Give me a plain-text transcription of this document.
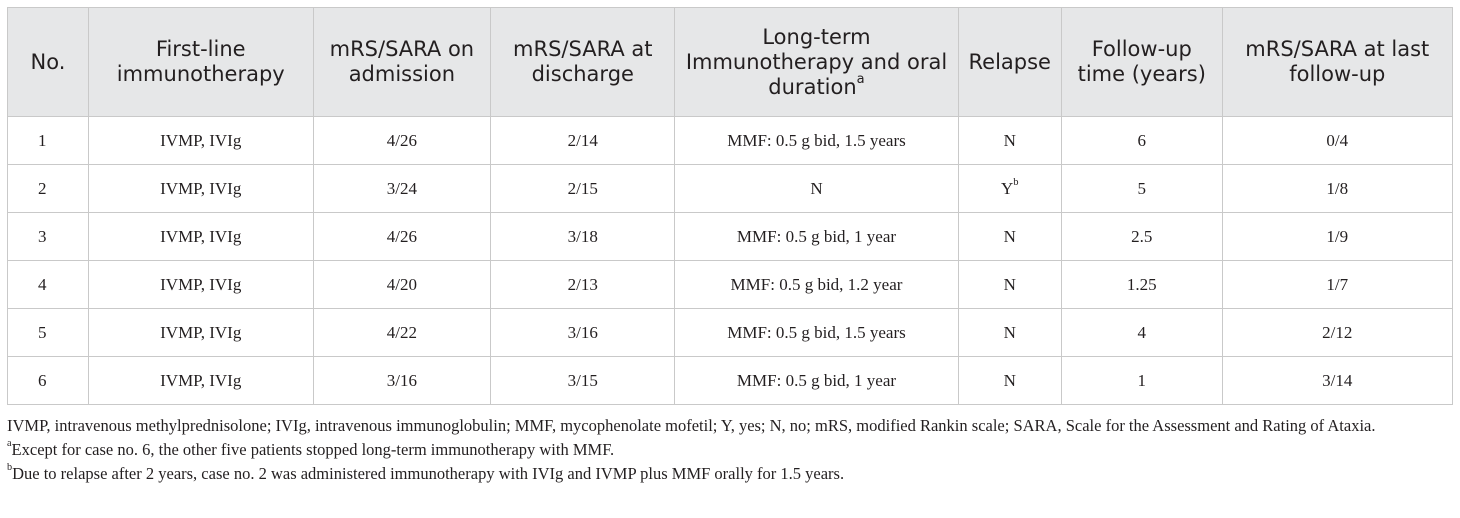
No.	First-line immunotherapy	mRS/SARA on admission	mRS/SARA at discharge	Long-term Immunotherapy and oral duration$^a$	Relapse	Follow-up time (years)	mRS/SARA at last follow-up
1	IVMP, IVIg	4/26	2/14	MMF: 0.5 g bid, 1.5 years	N	6	0/4
2	IVMP, IVIg	3/24	2/15	N	$Y^b$	5	1/8
3	IVMP, IVIg	4/26	3/18	MMF: 0.5 g bid, 1 year	N	2.5	1/9
4	IVMP, IVIg	4/20	2/13	MMF: 0.5 g bid, 1.2 year	N	1.25	1/7
5	IVMP, IVIg	4/22	3/16	MMF: 0.5 g bid, 1.5 years	N	4	2/12
6	IVMP, IVIg	3/16	3/15	MMF: 0.5 g bid, 1 year	N	1	3/14

IVMP, intravenous methylprednisolone; IVIg, intravenous immunoglobulin; MMF, mycophenolate mofetil; Y, yes; N, no; mRS, modified Rankin scale; SARA, Scale for the Assessment and Rating of Ataxia.

$^a$Except for case no. 6, the other five patients stopped long-term immunotherapy with MMF.

$^b$Due to relapse after 2 years, case no. 2 was administered immunotherapy with IVIg and IVMP plus MMF orally for 1.5 years.
